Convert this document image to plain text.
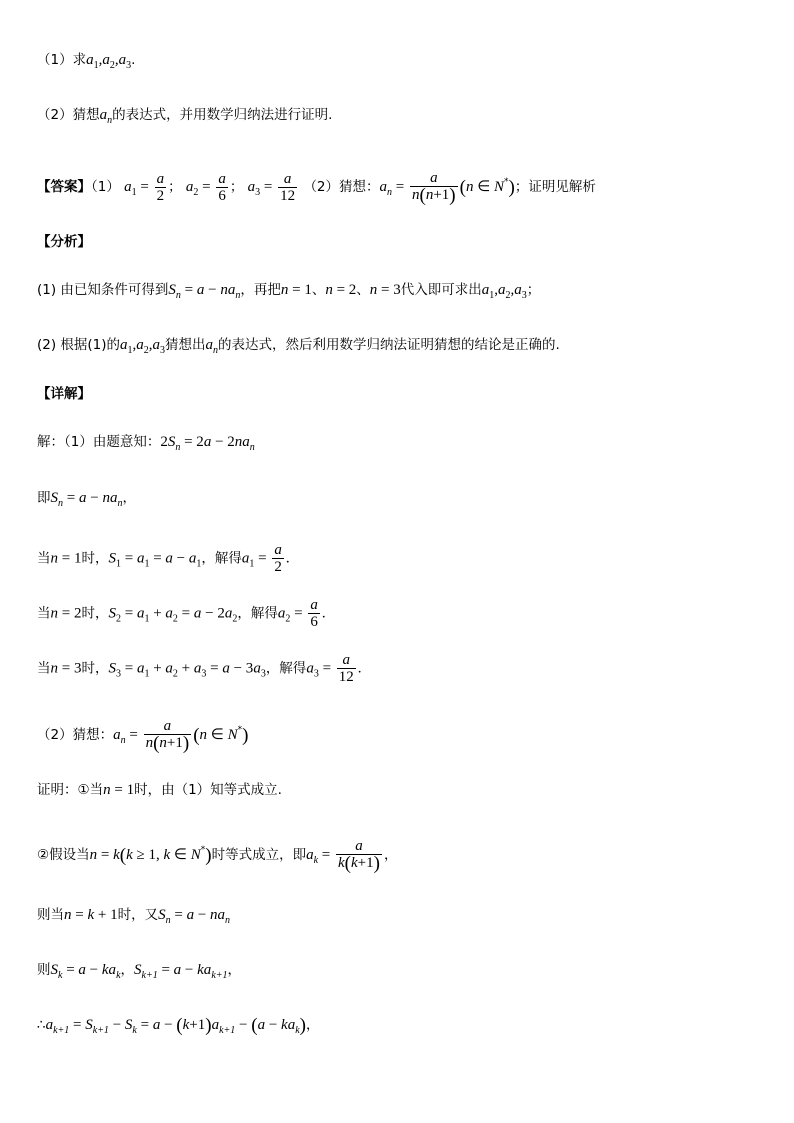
（1）求$a_1,a_2,a_3$.
（2）猜想$a_n$的表达式，并用数学归纳法进行证明.
【答案】（1） $a_1 = \frac{a}{2}$ ； $a_2 = \frac{a}{6}$ ； $a_3 = \frac{a}{12} (2)$猜想：$a_n = \frac{a}{n(n+1)} (n$ ∈ N*)；证明见解析
【分析】
(1) 由已知条件可得到$S_n = a - na_n$，再把n = 1、n = 2、n = 3代入即可求出$a_1,a_2,a_3$；
(2) 根据(1)的$a_1,a_2,a_3$猜想出$a_n$的表达式，然后利用数学归纳法证明猜想的结论是正确的.
【详解】
解：（1）由题意知：$2S_n = 2a - 2na_n$
即$S_n = a - na_n$，
当n = 1时，$S_1 = a_1 = a - a_1$，解得$a_1 = \frac{a}{2}$ .
当n = 2时，$S_2 = a_1 + a_2 = a - 2a_2$，解得$a_2 = \frac{a}{6}$ .
当n = 3时，$S_3 = a_1 + a_2 + a_3 = a - 3a_3$，解得$a_3 = \frac{a}{12}$ .
（2）猜想：$a_n = \frac{a}{n(n+1)} (n$ ∈ N*)
证明：①当n = 1时，由（1）知等式成立.
②假设当n = k(k ≥ 1, k ∈ N*)时等式成立，即$a_k = \frac{a}{k(k+1)}$ ，
则当n = k + 1时，又$S_n = a - na_n$
则$S_k = a - ka_k$，$S_{k+1} = a - ka_{k+1}$，
$\therefore a_{k+1} = S_{k+1} - S_k = a - (k+1)a_{k+1} - (a - ka_k)$，
